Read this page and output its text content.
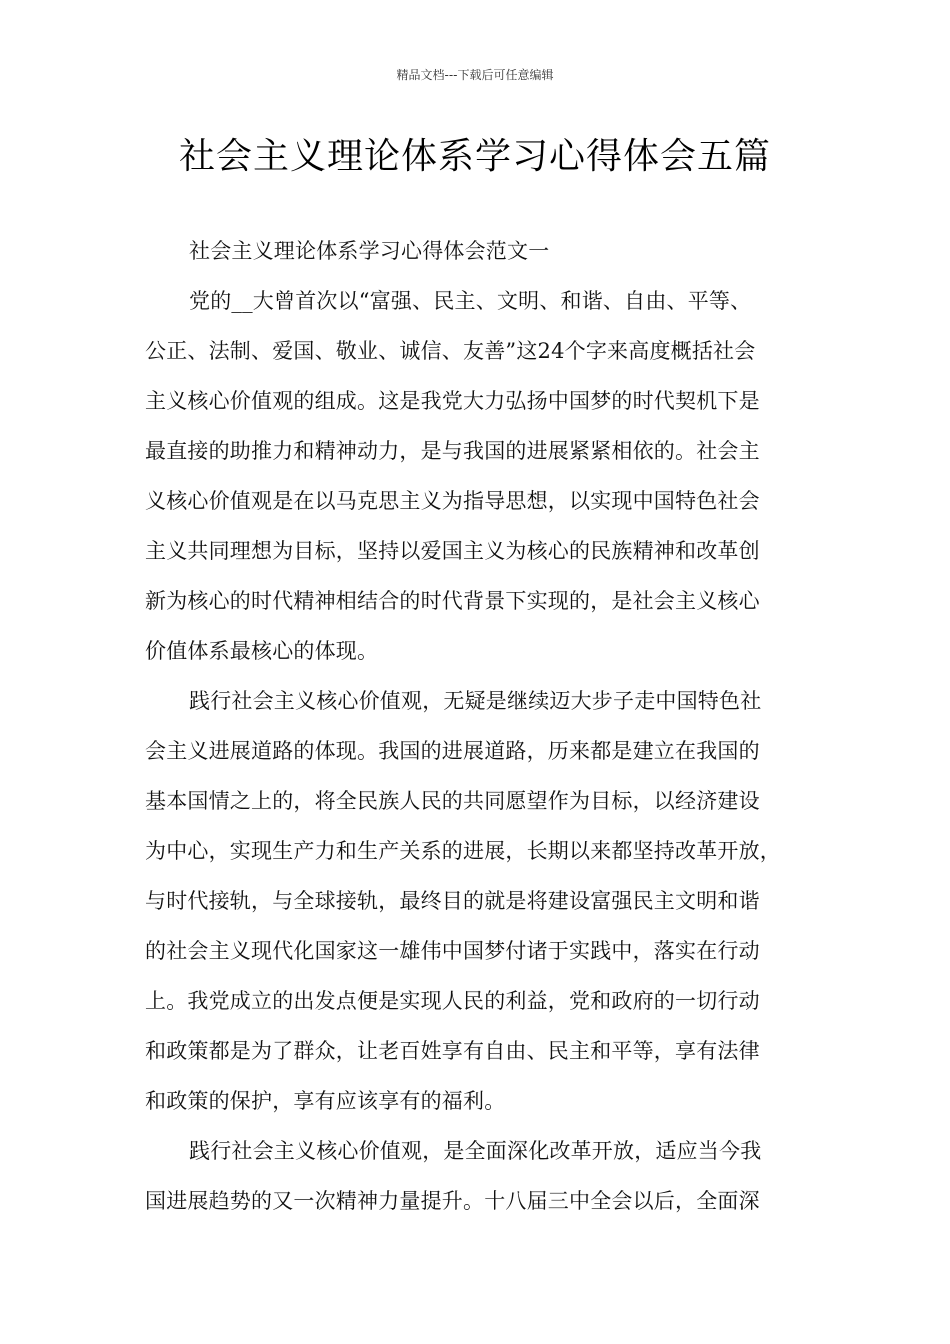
精品文档---下载后可任意编辑
社会主义理论体系学习心得体会五篇
社会主义理论体系学习心得体会范文一
党的__大曾首次以“富强、民主、文明、和谐、自由、平等、
公正、法制、爱国、敬业、诚信、友善”这24个字来高度概括社会
主义核心价值观的组成。这是我党大力弘扬中国梦的时代契机下是
最直接的助推力和精神动力，是与我国的进展紧紧相依的。社会主
义核心价值观是在以马克思主义为指导思想，以实现中国特色社会
主义共同理想为目标，坚持以爱国主义为核心的民族精神和改革创
新为核心的时代精神相结合的时代背景下实现的，是社会主义核心
价值体系最核心的体现。
践行社会主义核心价值观，无疑是继续迈大步子走中国特色社
会主义进展道路的体现。我国的进展道路，历来都是建立在我国的
基本国情之上的，将全民族人民的共同愿望作为目标，以经济建设
为中心，实现生产力和生产关系的进展，长期以来都坚持改革开放，
与时代接轨，与全球接轨，最终目的就是将建设富强民主文明和谐
的社会主义现代化国家这一雄伟中国梦付诸于实践中，落实在行动
上。我党成立的出发点便是实现人民的利益，党和政府的一切行动
和政策都是为了群众，让老百姓享有自由、民主和平等，享有法律
和政策的保护，享有应该享有的福利。
践行社会主义核心价值观，是全面深化改革开放，适应当今我
国进展趋势的又一次精神力量提升。十八届三中全会以后，全面深
